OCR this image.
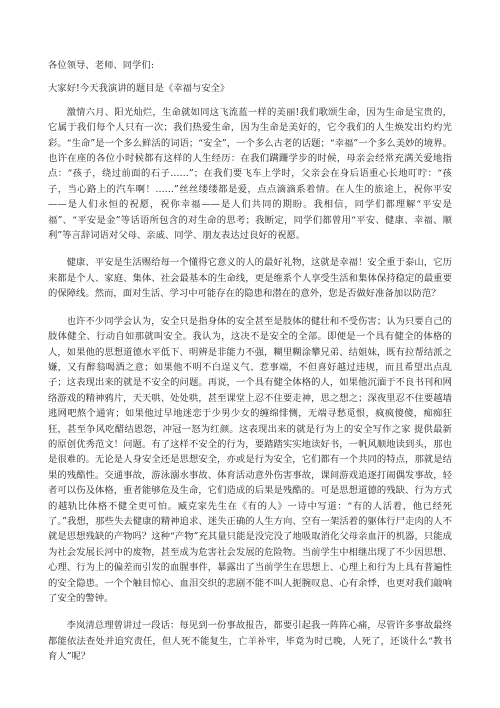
各位领导、老师、同学们:

大家好!今天我演讲的题目是《幸福与安全》

激情六月、阳光灿烂，生命就如同这飞流蓝一样的美丽!我们歌颂生命，因为生命是宝贵的，它属于我们每个人只有一次；我们热爱生命，因为生命是美好的，它令我们的人生焕发出灼灼光彩。“生命”是一个多么鲜活的词语；“安全”，一个多么古老的话题；“幸福”一个多么美妙的境界。也许在座的各位小时候都有这样的人生经历：在我们蹒跚学步的时候，母亲会经常充满关爱地指点：“孩子，绕过前面的石子……”；在我们要飞车上学时，父亲会在身后语重心长地叮咛：“孩子，当心路上的汽车啊！……”丝丝缕缕都是爱，点点滴滴系着情。在人生的旅途上，祝你平安——是人们永恒的祝愿，祝你幸福——是人们共同的期盼。我相信，同学们都理解“平安是福”、“平安是金”等话语所包含的对生命的思考；我断定，同学们都曾用“平安、健康、幸福、顺利”等言辞词语对父母、亲戚、同学、朋友表达过良好的祝愿。

健康、平安是生活赐给每一个懂得它意义的人的最好礼物，这就是幸福！安全重于泰山，它历来都是个人、家庭、集体、社会最基本的生命线，更是维系个人享受生活和集体保持稳定的最重要的保障线。然而，面对生活、学习中可能存在的隐患和潜在的意外，您是否做好准备加以防范？

也许不少同学会认为，安全只是指身体的安全甚至是肢体的健壮和不受伤害；认为只要自己的肢体健全、行动自如那就叫安全。我认为，这决不是安全的全部。即便是一个具有健全的体格的人，如果他的思想道德水平低下、明辨是非能力不强，糊里糊涂攀兄弟、结姐妹，既有拉帮结派之嫌，又有醉翁喝酒之意；如果他不明不白逞义气、惹事端，不但喜好越过违规，而且希望出点乱子；这表现出来的就是不安全的问题。再说，一个具有健全体格的人，如果他沉湎于不良书刊和网络游戏的精神鸦片，天天哄、处处哄，甚至课堂上忍不住要走神，思之想之；深夜里忍不住要越墙逃网吧熬个通宵；如果他过早地迷恋于少男少女的缠绵悱恻，无端寻愁觅恨，疯疯傻傻，痴痴狂狂，甚至争风吃醋结恩怨，冲冠一怒为红颜。这表现出来的就是行为上的安全写作之家 提供最新的原创优秀范文！问题。有了这样不安全的行为，要踏踏实实地读好书，一帆风顺地读到头，那也是很难的。无论是人身安全还是思想安全，亦或是行为安全，它们都有一个共同的特点，那就是结果的残酷性。交通事故，游泳溺水事故、体育活动意外伤害事故，课间游戏追逐打闹偶发事故，轻者可以伤及体格，重者能够危及生命，它们造成的后果是残酷的。可是思想道德的残缺、行为方式的越轨比体格不健全更可怕。臧克家先生在《有的人》一诗中写道：“有的人活着，他已经死了。”我想，那些失去健康的精神追求、迷失正确的人生方向、空有一架活着的躯体行尸走肉的人不就是思想残缺的产物吗？这种“产物”充其量只能是没完没了地吸取消化父母亲血汗的机器，只能成为社会发展长河中的废物，甚至成为危害社会发展的危险物。当前学生中相继出现了不少因思想、心理、行为上的偏差而引发的血腥事件，暴露出了当前学生在思想上、心理上和行为上具有普遍性的安全隐患。一个个触目惊心、血泪交织的悲剧不能不叫人扼腕叹息、心有余悸，也更对我们敲响了安全的警钟。

李岚清总理曾讲过一段话：每见到一份事故报告，都要引起我一阵阵心痛，尽管许多事故最终都能依法查处并追究责任，但人死不能复生，亡羊补牢，毕竟为时已晚，人死了，还谈什么“教书育人”呢？
